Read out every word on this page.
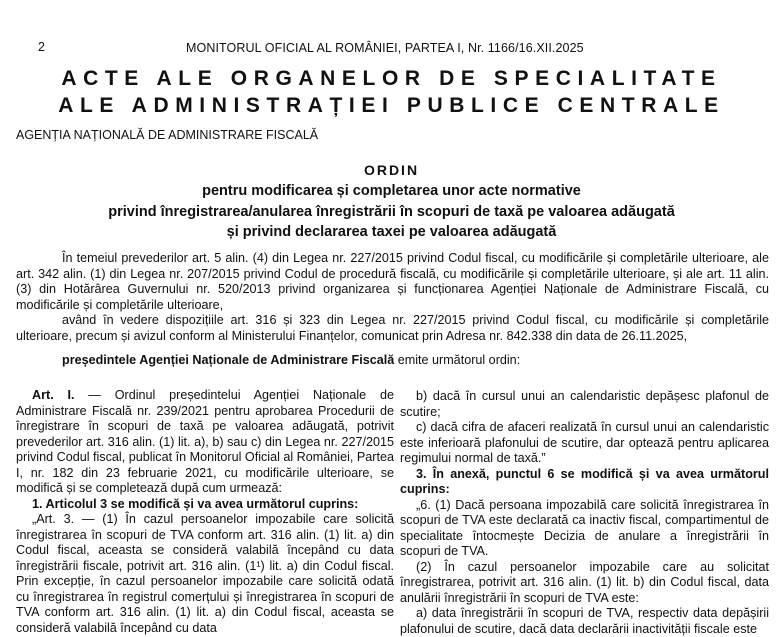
2	MONITORUL OFICIAL AL ROMÂNIEI, PARTEA I, Nr. 1166/16.XII.2025
ACTE ALE ORGANELOR DE SPECIALITATE
ALE ADMINISTRAȚIEI PUBLICE CENTRALE
AGENȚIA NAȚIONALĂ DE ADMINISTRARE FISCALĂ
ORDIN
pentru modificarea și completarea unor acte normative
privind înregistrarea/anularea înregistrării în scopuri de taxă pe valoarea adăugată
și privind declararea taxei pe valoarea adăugată

În temeiul prevederilor art. 5 alin. (4) din Legea nr. 227/2015 privind Codul fiscal, cu modificările și completările ulterioare, ale art. 342 alin. (1) din Legea nr. 207/2015 privind Codul de procedură fiscală, cu modificările și completările ulterioare, și ale art. 11 alin. (3) din Hotărârea Guvernului nr. 520/2013 privind organizarea și funcționarea Agenției Naționale de Administrare Fiscală, cu modificările și completările ulterioare,

având în vedere dispozițiile art. 316 și 323 din Legea nr. 227/2015 privind Codul fiscal, cu modificările și completările ulterioare, precum și avizul conform al Ministerului Finanțelor, comunicat prin Adresa nr. 842.338 din data de 26.11.2025,

președintele Agenției Naționale de Administrare Fiscală emite următorul ordin:

Art. I. — Ordinul președintelui Agenției Naționale de Administrare Fiscală nr. 239/2021 pentru aprobarea Procedurii de înregistrare în scopuri de taxă pe valoarea adăugată, potrivit prevederilor art. 316 alin. (1) lit. a), b) sau c) din Legea nr. 227/2015 privind Codul fiscal, publicat în Monitorul Oficial al României, Partea I, nr. 182 din 23 februarie 2021, cu modificările ulterioare, se modifică și se completează după cum urmează:

1. Articolul 3 se modifică și va avea următorul cuprins:

„Art. 3. — (1) În cazul persoanelor impozabile care solicită înregistrarea în scopuri de TVA conform art. 316 alin. (1) lit. a) din Codul fiscal, aceasta se consideră valabilă începând cu data înregistrării fiscale, potrivit art. 316 alin. (1¹) lit. a) din Codul fiscal. Prin excepție, în cazul persoanelor impozabile care solicită odată cu înregistrarea în registrul comerțului și înregistrarea în scopuri de TVA conform art. 316 alin. (1) lit. a) din Codul fiscal, aceasta se consideră valabilă începând cu data

b) dacă în cursul unui an calendaristic depășesc plafonul de scutire;

c) dacă cifra de afaceri realizată în cursul unui an calendaristic este inferioară plafonului de scutire, dar optează pentru aplicarea regimului normal de taxă.”

3. În anexă, punctul 6 se modifică și va avea următorul cuprins:

„6. (1) Dacă persoana impozabilă care solicită înregistrarea în scopuri de TVA este declarată ca inactiv fiscal, compartimentul de specialitate întocmește Decizia de anulare a înregistrării în scopuri de TVA.

(2) În cazul persoanelor impozabile care au solicitat înregistrarea, potrivit art. 316 alin. (1) lit. b) din Codul fiscal, data anulării înregistrării în scopuri de TVA este:

a) data înregistrării în scopuri de TVA, respectiv data depășirii plafonului de scutire, dacă data declarării inactivității fiscale este
